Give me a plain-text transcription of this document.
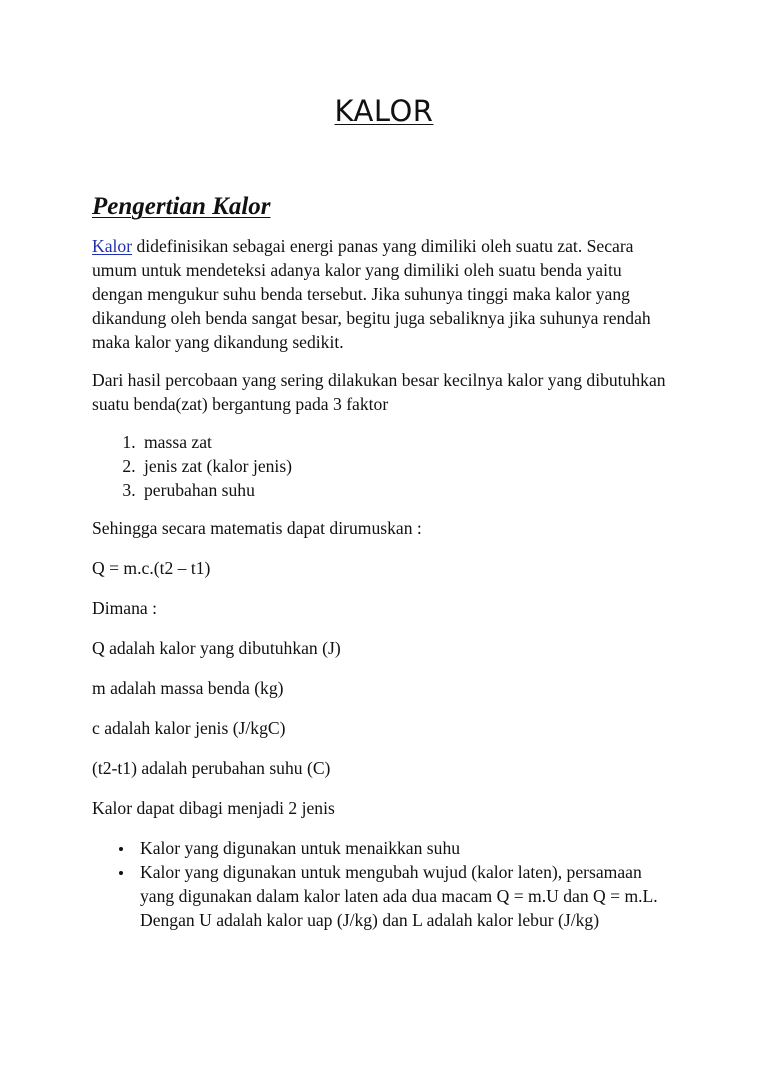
KALOR
Pengertian Kalor

Kalor didefinisikan sebagai energi panas yang dimiliki oleh suatu zat. Secara umum untuk mendeteksi adanya kalor yang dimiliki oleh suatu benda yaitu dengan mengukur suhu benda tersebut. Jika suhunya tinggi maka kalor yang dikandung oleh benda sangat besar, begitu juga sebaliknya jika suhunya rendah maka kalor yang dikandung sedikit.

Dari hasil percobaan yang sering dilakukan besar kecilnya kalor yang dibutuhkan suatu benda(zat) bergantung pada 3 faktor

1. massa zat
2. jenis zat (kalor jenis)
3. perubahan suhu

Sehingga secara matematis dapat dirumuskan :

Q = m.c.(t2 – t1)

Dimana :

Q adalah kalor yang dibutuhkan (J)

m adalah massa benda (kg)

c adalah kalor jenis (J/kgC)

(t2-t1) adalah perubahan suhu (C)

Kalor dapat dibagi menjadi 2 jenis

Kalor yang digunakan untuk menaikkan suhu
Kalor yang digunakan untuk mengubah wujud (kalor laten), persamaan yang digunakan dalam kalor laten ada dua macam Q = m.U dan Q = m.L. Dengan U adalah kalor uap (J/kg) dan L adalah kalor lebur (J/kg)
